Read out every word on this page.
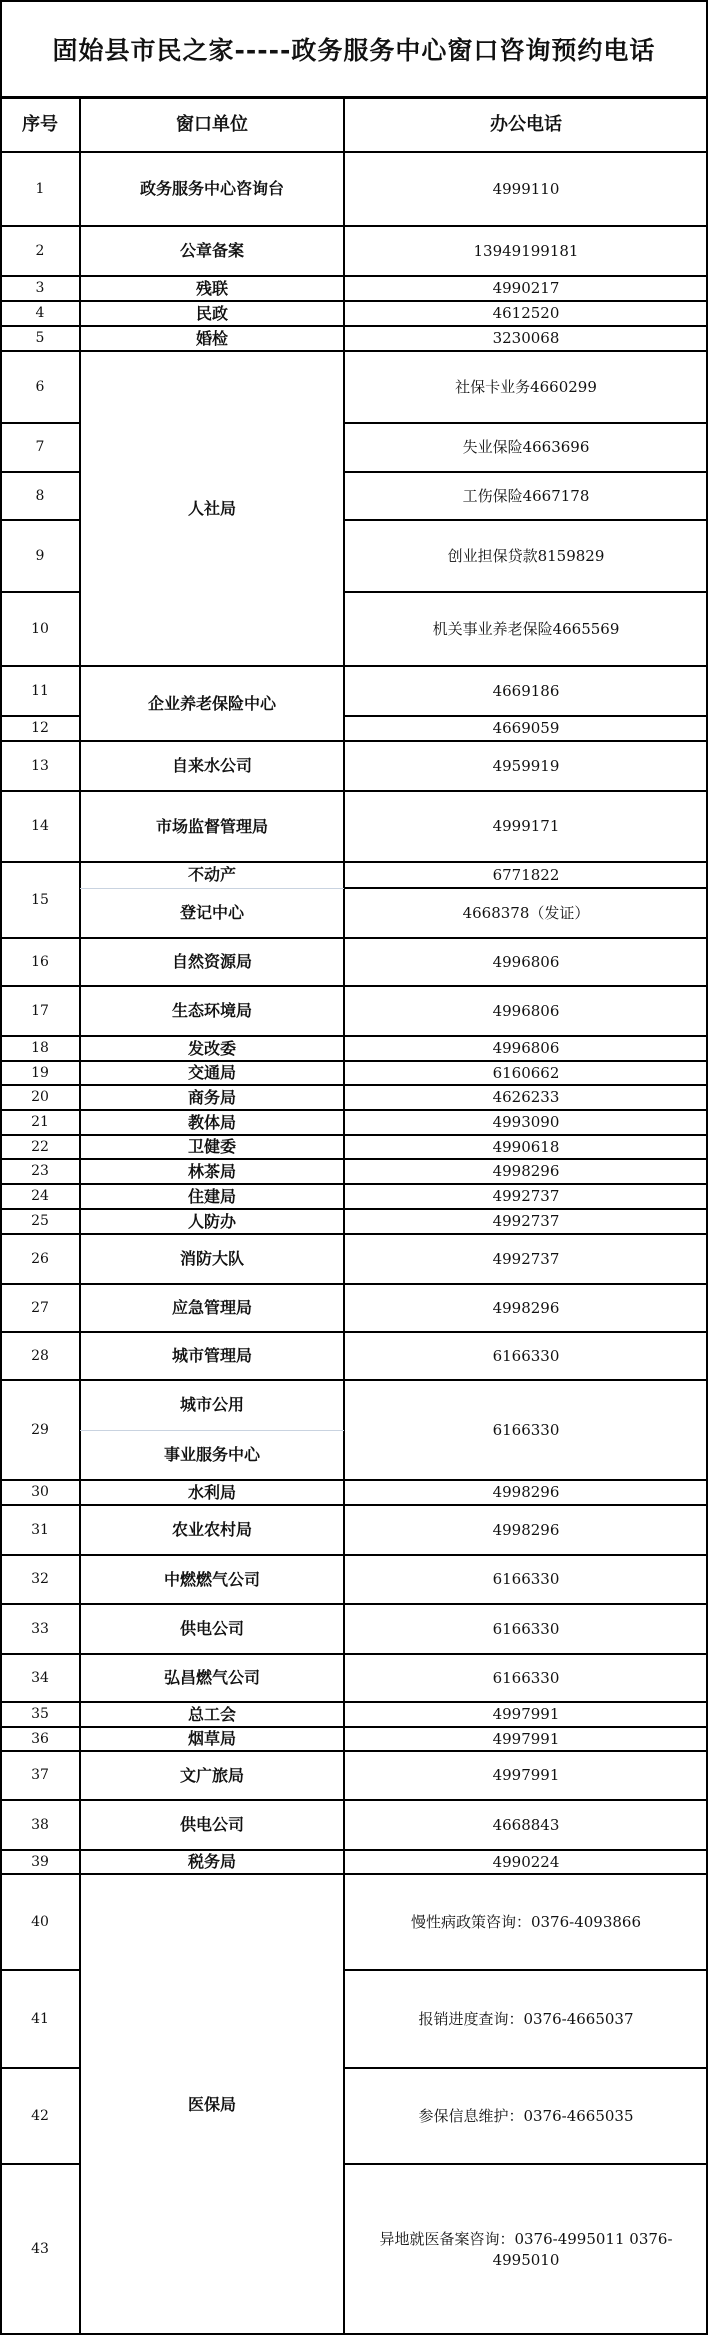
固始县市民之家-----政务服务中心窗口咨询预约电话
序号	窗口单位	办公电话
1
2
3
4
5
6
7
8
9
10
11
12
13
14
15
16
17
18
19
20
21
22
23
24
25
26
27
28
29
30
31
32
33
34
35
36
37
38
39
40
41
42
43
4999110
13949199181
4990217
4612520
3230068
社保卡业务4660299
失业保险4663696
工伤保险4667178
创业担保贷款8159829
机关事业养老保险4665569
4669186
4669059
4959919
4999171
6771822
4668378（发证）
4996806
4996806
4996806
6160662
4626233
4993090
4990618
4998296
4992737
4992737
4992737
4998296
6166330
6166330
4998296
4998296
6166330
6166330
6166330
4997991
4997991
4997991
4668843
4990224
慢性病政策咨询：0376-4093866
报销进度查询：0376-4665037
参保信息维护：0376-4665035
异地就医备案咨询：0376-4995011 0376-4995010
政务服务中心咨询台
公章备案
残联
民政
婚检
人社局
企业养老保险中心
自来水公司
市场监督管理局
不动产
登记中心
自然资源局
生态环境局
发改委
交通局
商务局
教体局
卫健委
林茶局
住建局
人防办
消防大队
应急管理局
城市管理局
城市公用
事业服务中心
水利局
农业农村局
中燃燃气公司
供电公司
弘昌燃气公司
总工会
烟草局
文广旅局
供电公司
税务局
医保局
